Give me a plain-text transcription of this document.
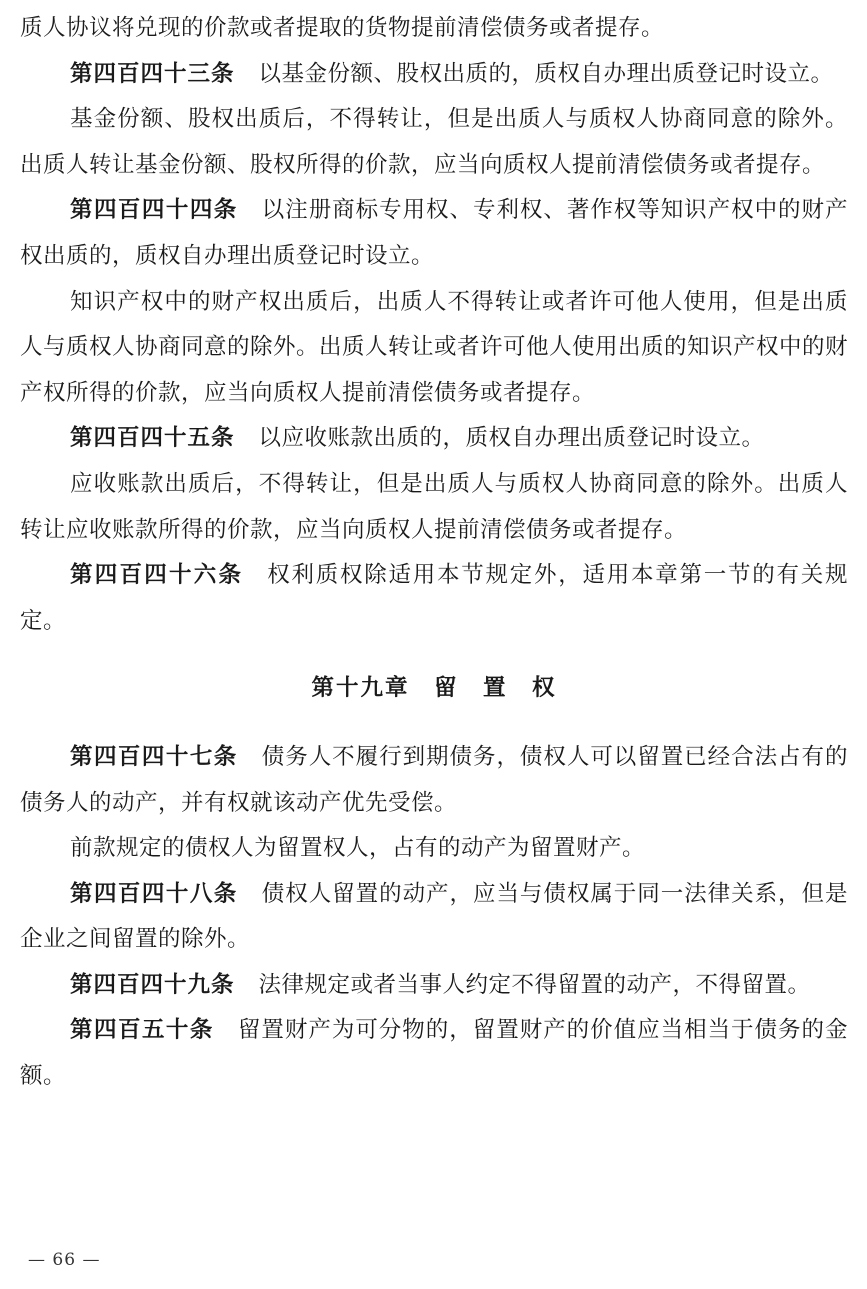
质人协议将兑现的价款或者提取的货物提前清偿债务或者提存。

第四百四十三条 以基金份额、股权出质的，质权自办理出质登记时设立。

基金份额、股权出质后，不得转让，但是出质人与质权人协商同意的除外。出质人转让基金份额、股权所得的价款，应当向质权人提前清偿债务或者提存。

第四百四十四条 以注册商标专用权、专利权、著作权等知识产权中的财产权出质的，质权自办理出质登记时设立。

知识产权中的财产权出质后，出质人不得转让或者许可他人使用，但是出质人与质权人协商同意的除外。出质人转让或者许可他人使用出质的知识产权中的财产权所得的价款，应当向质权人提前清偿债务或者提存。

第四百四十五条 以应收账款出质的，质权自办理出质登记时设立。

应收账款出质后，不得转让，但是出质人与质权人协商同意的除外。出质人转让应收账款所得的价款，应当向质权人提前清偿债务或者提存。

第四百四十六条 权利质权除适用本节规定外，适用本章第一节的有关规定。

第十九章　留　置　权

第四百四十七条 债务人不履行到期债务，债权人可以留置已经合法占有的债务人的动产，并有权就该动产优先受偿。

前款规定的债权人为留置权人，占有的动产为留置财产。

第四百四十八条 债权人留置的动产，应当与债权属于同一法律关系，但是企业之间留置的除外。

第四百四十九条 法律规定或者当事人约定不得留置的动产，不得留置。

第四百五十条 留置财产为可分物的，留置财产的价值应当相当于债务的金额。

— 66 —
